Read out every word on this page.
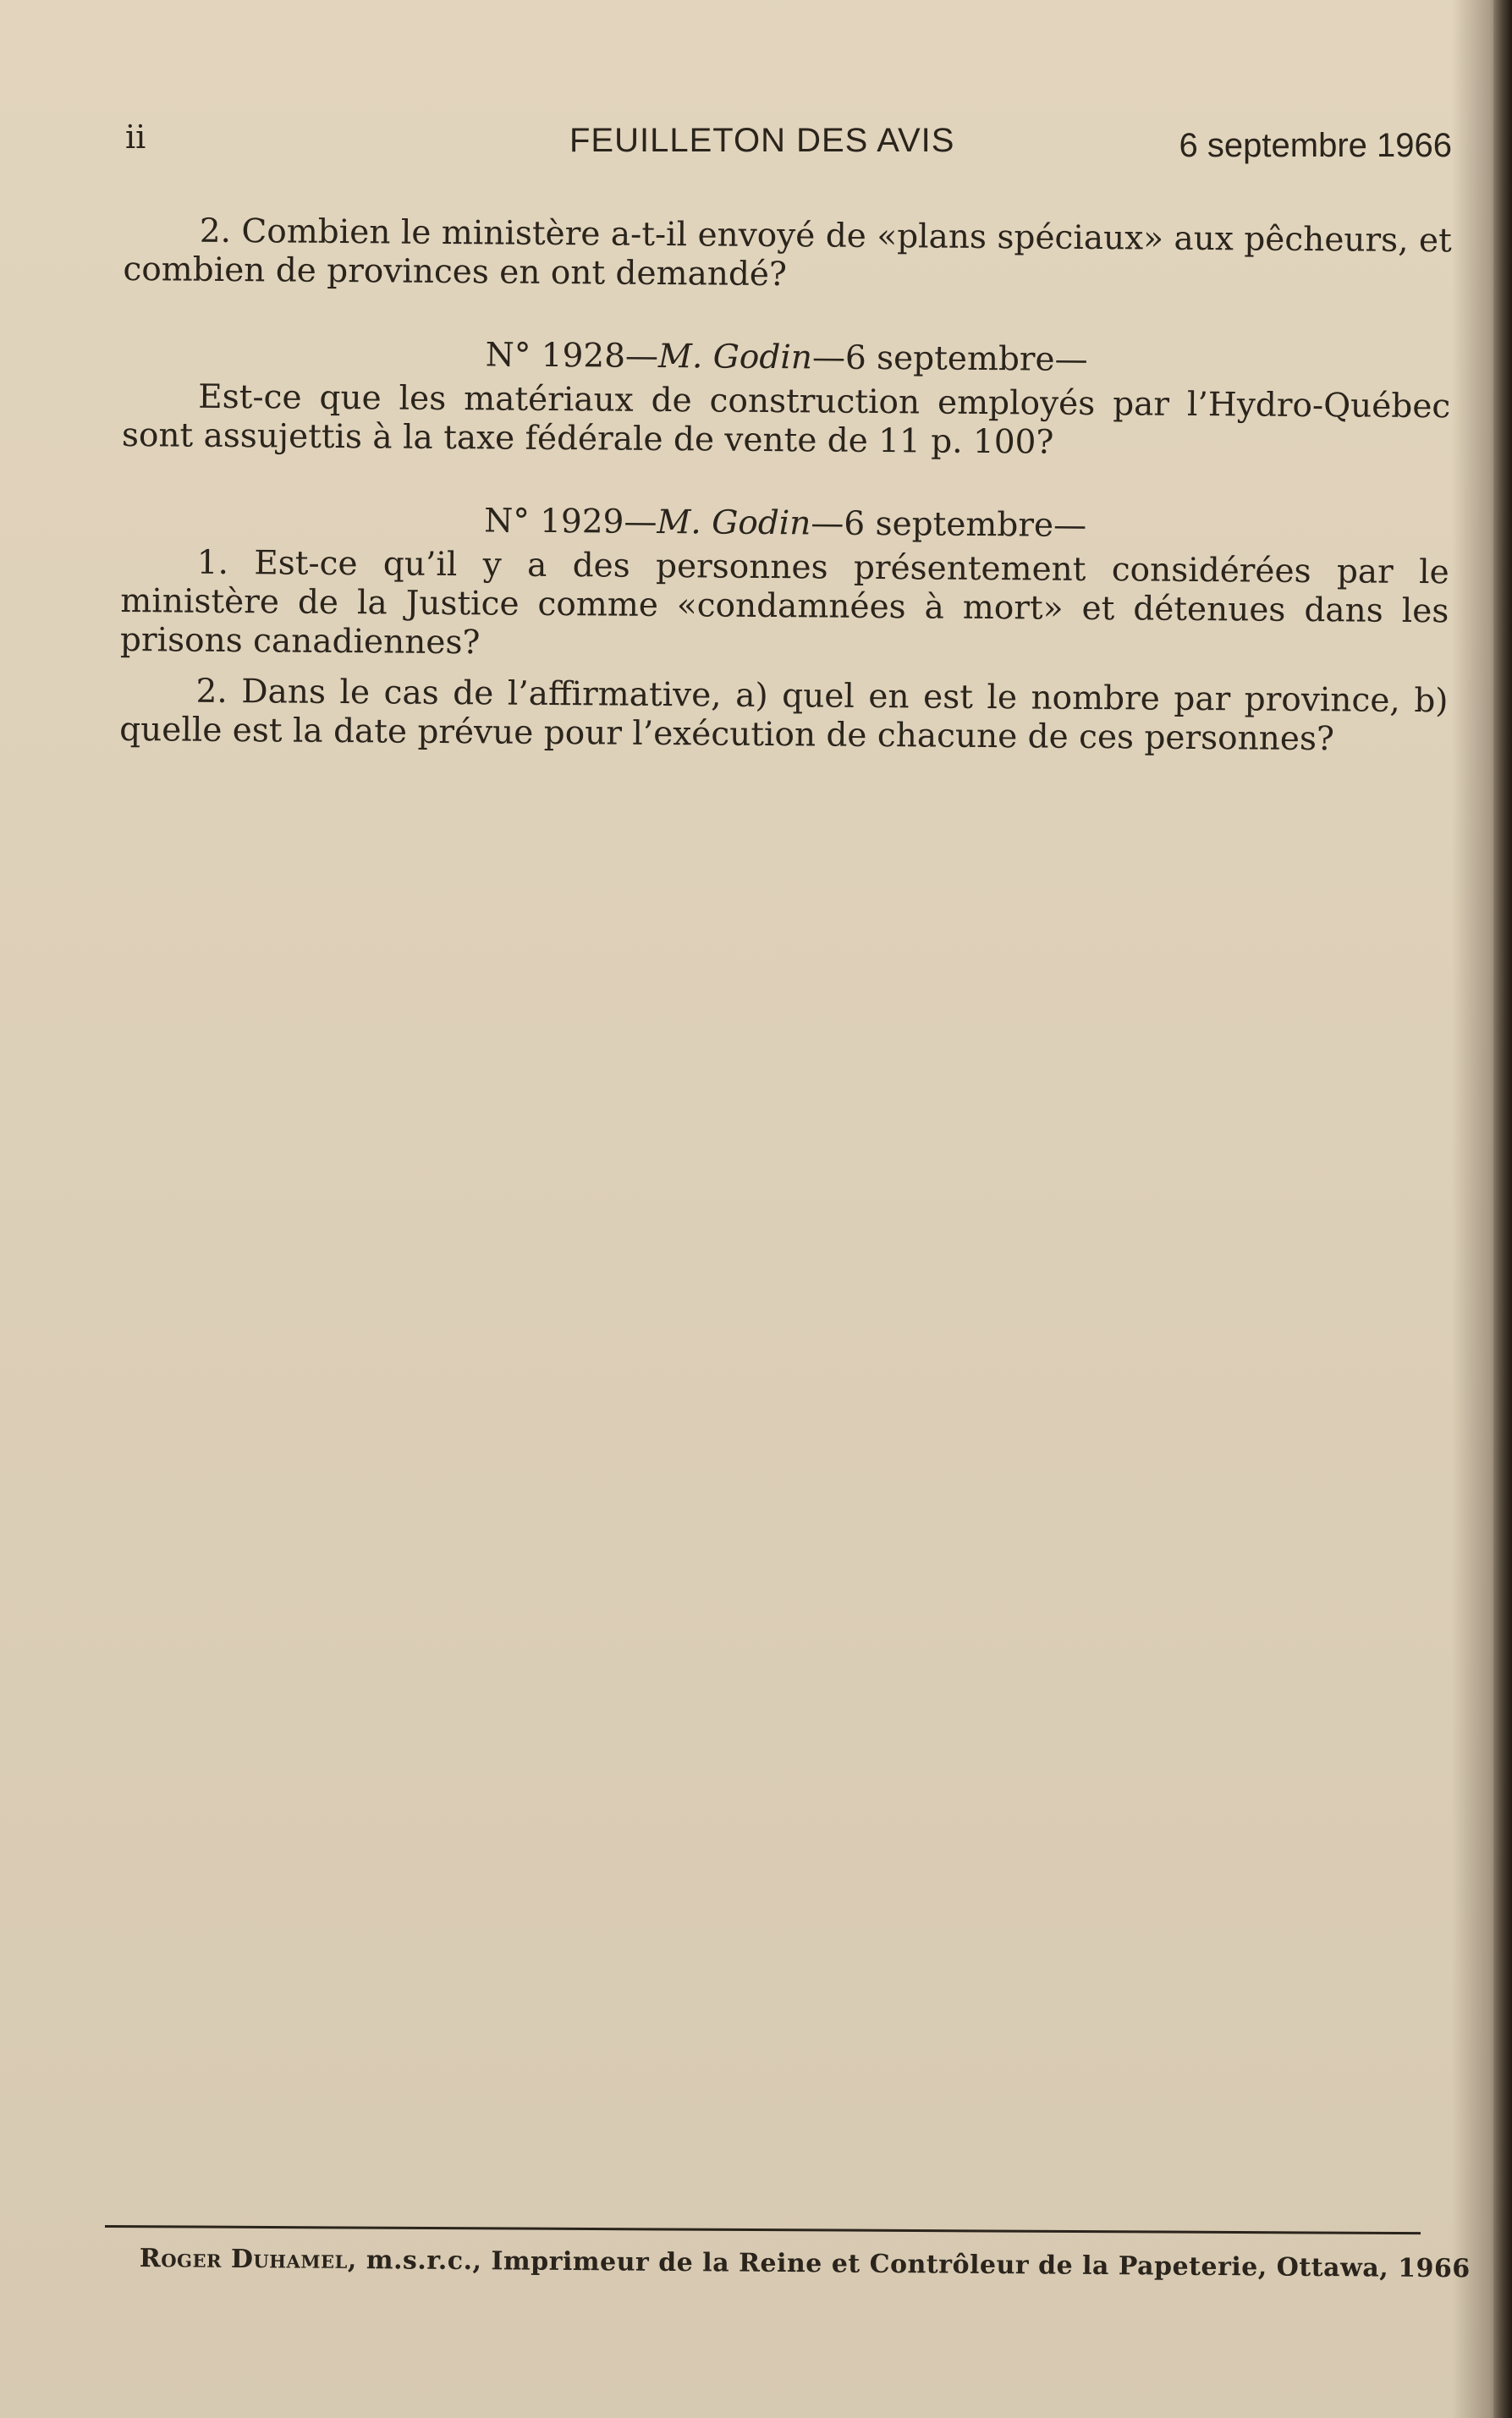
ii	FEUILLETON DES AVIS	6 septembre 1966

2. Combien le ministère a-t-il envoyé de «plans spéciaux» aux pêcheurs, et combien de provinces en ont demandé?

N° 1928—M. Godin—6 septembre—

Est-ce que les matériaux de construction employés par l’Hydro-Québec sont assujettis à la taxe fédérale de vente de 11 p. 100?

N° 1929—M. Godin—6 septembre—

1. Est-ce qu’il y a des personnes présentement considérées par le ministère de la Justice comme «condamnées à mort» et détenues dans les prisons canadiennes?

2. Dans le cas de l’affirmative, a) quel en est le nombre par province, b) quelle est la date prévue pour l’exécution de chacune de ces personnes?

Roger Duhamel, m.s.r.c., Imprimeur de la Reine et Contrôleur de la Papeterie, Ottawa, 1966
